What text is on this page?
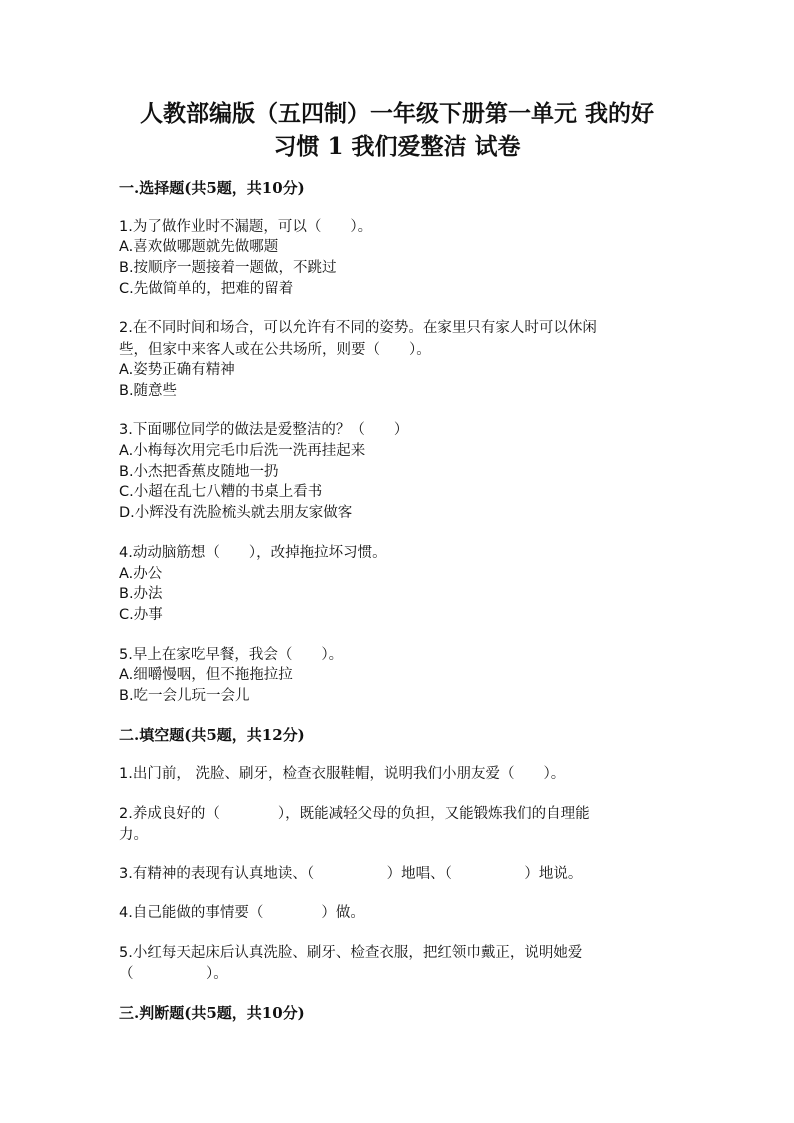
人教部编版（五四制）一年级下册第一单元 我的好
习惯 1 我们爱整洁 试卷
一.选择题(共5题，共10分)
1.为了做作业时不漏题，可以（　　）。
A.喜欢做哪题就先做哪题
B.按顺序一题接着一题做，不跳过
C.先做简单的，把难的留着
2.在不同时间和场合，可以允许有不同的姿势。在家里只有家人时可以休闲
些，但家中来客人或在公共场所，则要（　　）。
A.姿势正确有精神
B.随意些
3.下面哪位同学的做法是爱整洁的？（　　）
A.小梅每次用完毛巾后洗一洗再挂起来
B.小杰把香蕉皮随地一扔
C.小超在乱七八糟的书桌上看书
D.小辉没有洗脸梳头就去朋友家做客
4.动动脑筋想（　　），改掉拖拉坏习惯。
A.办公
B.办法
C.办事
5.早上在家吃早餐，我会（　　）。
A.细嚼慢咽，但不拖拖拉拉
B.吃一会儿玩一会儿
二.填空题(共5题，共12分)
1.出门前， 洗脸、刷牙，检查衣服鞋帽，说明我们小朋友爱（　　）。
2.养成良好的（　　　　），既能减轻父母的负担，又能锻炼我们的自理能
力。
3.有精神的表现有认真地读、（　　　　　）地唱、（　　　　　）地说。
4.自己能做的事情要（　　　　）做。
5.小红每天起床后认真洗脸、刷牙、检查衣服，把红领巾戴正，说明她爱
（　　　　　）。
三.判断题(共5题，共10分)
